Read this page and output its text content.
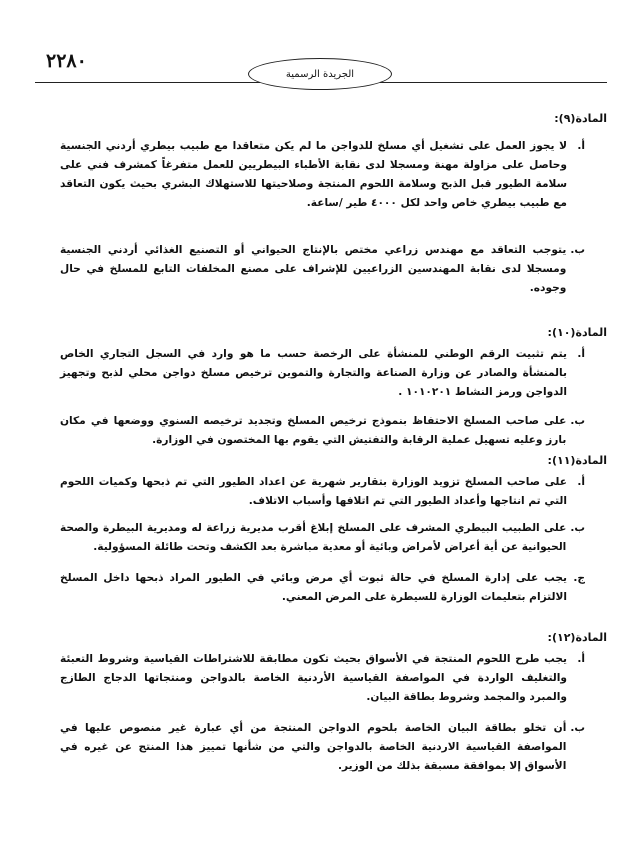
٢٢٨٠
الجريدة الرسمية
المادة(٩):
أ.
لا يجوز العمل على تشغيل أي مسلخ للدواجن ما لم يكن متعاقدا مع طبيب بيطري أردني الجنسية وحاصل على مزاولة مهنة ومسجلا لدى نقابة الأطباء البيطريين للعمل متفرغاً كمشرف فني على سلامة الطيور قبل الذبح وسلامة اللحوم المنتجة وصلاحيتها للاستهلاك البشري بحيث يكون التعاقد مع طبيب بيطري خاص واحد لكل ٤٠٠٠ طير /ساعة.
ب.
يتوجب التعاقد مع مهندس زراعي مختص بالإنتاج الحيواني أو التصنيع الغذائي أردني الجنسية ومسجلا لدى نقابة المهندسين الزراعيين للإشراف على مصنع المخلفات التابع للمسلخ في حال وجوده.
المادة(١٠):
أ.
يتم تثبيت الرقم الوطني للمنشأة على الرخصة حسب ما هو وارد في السجل التجاري الخاص بالمنشأة والصادر عن وزارة الصناعة والتجارة والتموين ترخيص مسلخ دواجن محلي لذبح وتجهيز الدواجن ورمز النشاط ١٠١٠٢٠١ .
ب.
على صاحب المسلخ الاحتفاظ بنموذج ترخيص المسلخ وتجديد ترخيصه السنوي ووضعها في مكان بارز وعليه تسهيل عملية الرقابة والتفتيش التي يقوم بها المختصون في الوزارة.
المادة(١١):
أ.
على صاحب المسلخ تزويد الوزارة بتقارير شهرية عن اعداد الطيور التي تم ذبحها وكميات اللحوم التي تم انتاجها وأعداد الطيور التي تم اتلافها وأسباب الاتلاف.
ب.
على الطبيب البيطري المشرف على المسلخ إبلاغ أقرب مديرية زراعة له ومديرية البيطرة والصحة الحيوانية عن أية أعراض لأمراض وبائية أو معدية مباشرة بعد الكشف وتحت طائلة المسؤولية.
ج.
يجب على إدارة المسلخ في حالة ثبوت أي مرض وبائي في الطيور المراد ذبحها داخل المسلخ الالتزام بتعليمات الوزارة للسيطرة على المرض المعني.
المادة(١٢):
أ.
يجب طرح اللحوم المنتجة في الأسواق بحيث تكون مطابقة للاشتراطات القياسية وشروط التعبئة والتغليف الواردة في المواصفة القياسية الأردنية الخاصة بالدواجن ومنتجاتها الدجاج الطازج والمبرد والمجمد وشروط بطاقة البيان.
ب.
أن تخلو بطاقة البيان الخاصة بلحوم الدواجن المنتجة من أي عبارة غير منصوص عليها في المواصفة القياسية الاردنية الخاصة بالدواجن والتي من شأنها تمييز هذا المنتج عن غيره في الأسواق إلا بموافقة مسبقة بذلك من الوزير.
